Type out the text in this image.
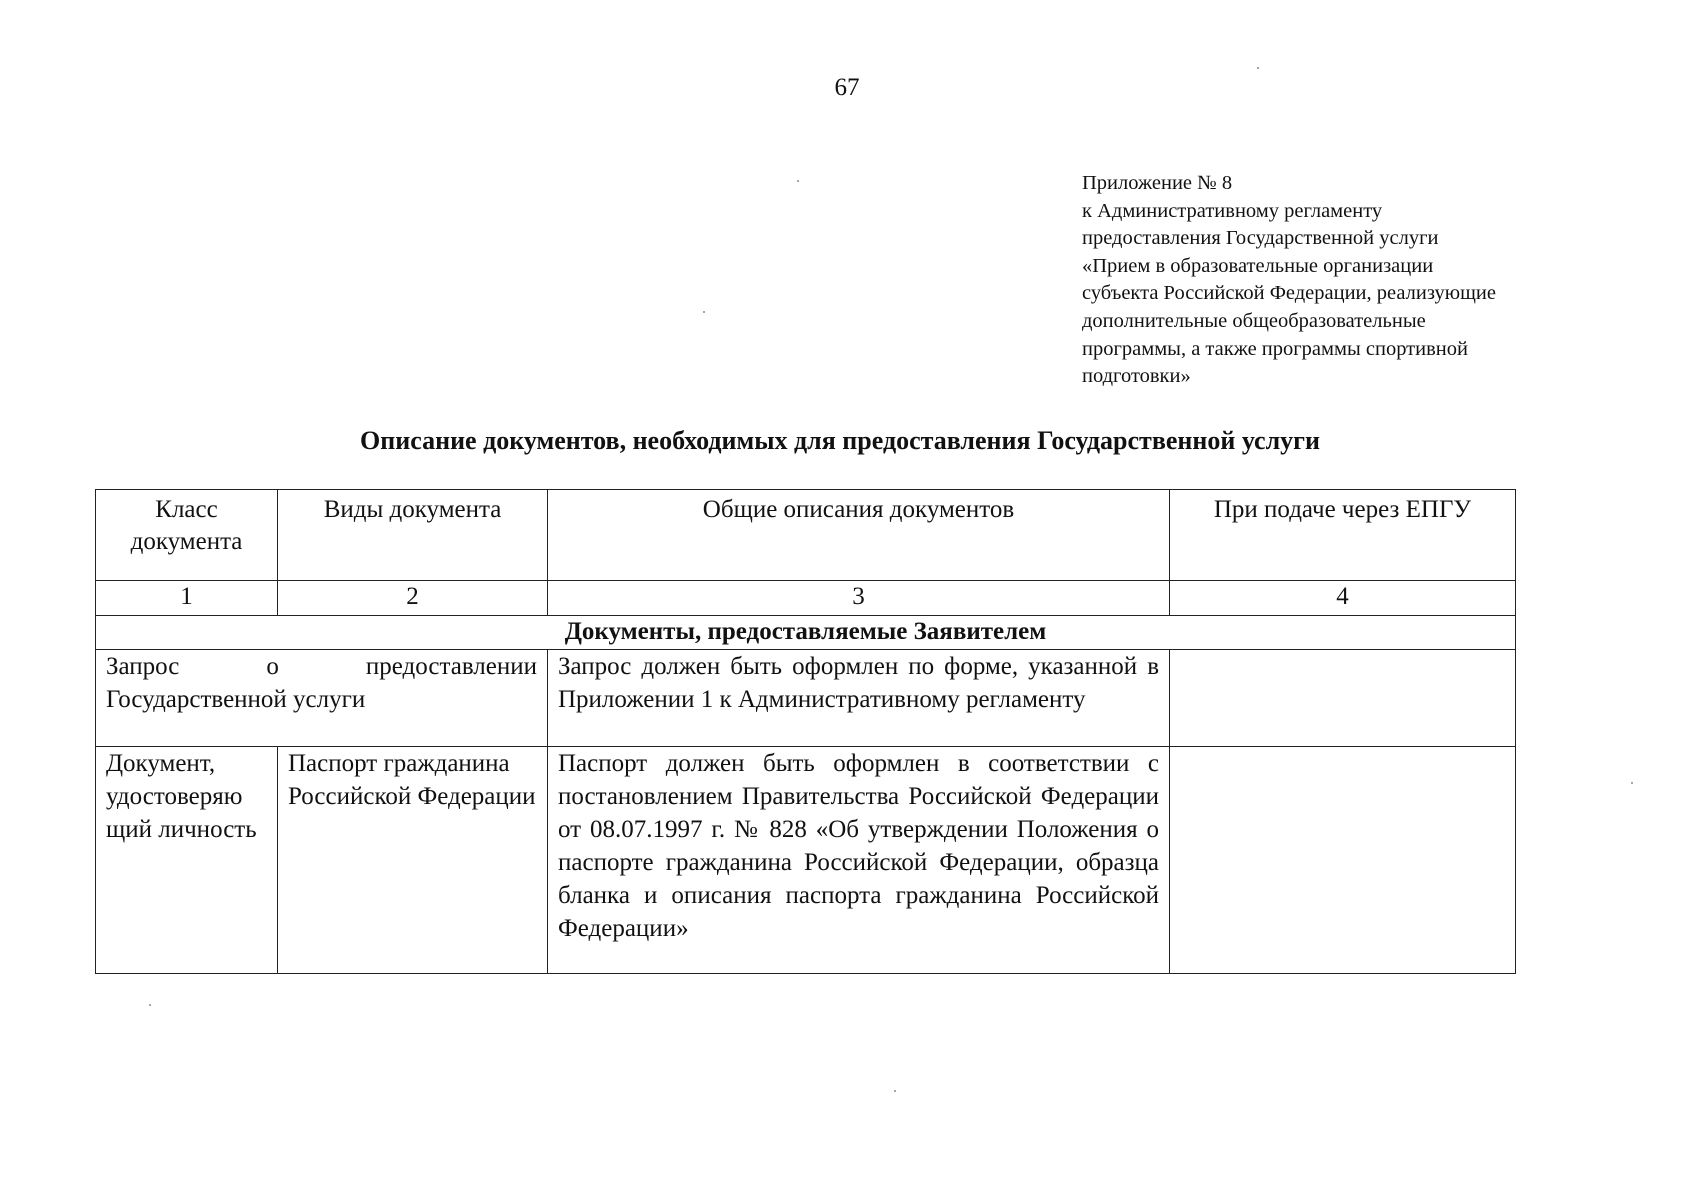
67
Приложение № 8
к Административному регламенту
предоставления Государственной услуги
«Прием в образовательные организации
субъекта Российской Федерации, реализующие
дополнительные общеобразовательные
программы, а также программы спортивной
подготовки»
Описание документов, необходимых для предоставления Государственной услуги
Класс документа	Виды документа	Общие описания документов	При подаче через ЕПГУ
1	2	3	4
Документы, предоставляемые Заявителем			
Запрос о предоставлении Государственной услуги		Запрос должен быть оформлен по форме, указанной в Приложении 1 к Административному регламенту	
Документ, удостоверяю щий личность	Паспорт гражданина Российской Федерации	Паспорт должен быть оформлен в соответствии с постановлением Правительства Российской Федерации от 08.07.1997 г. № 828 «Об утверждении Положения о паспорте гражданина Российской Федерации, образца бланка и описания паспорта гражданина Российской Федерации»	
